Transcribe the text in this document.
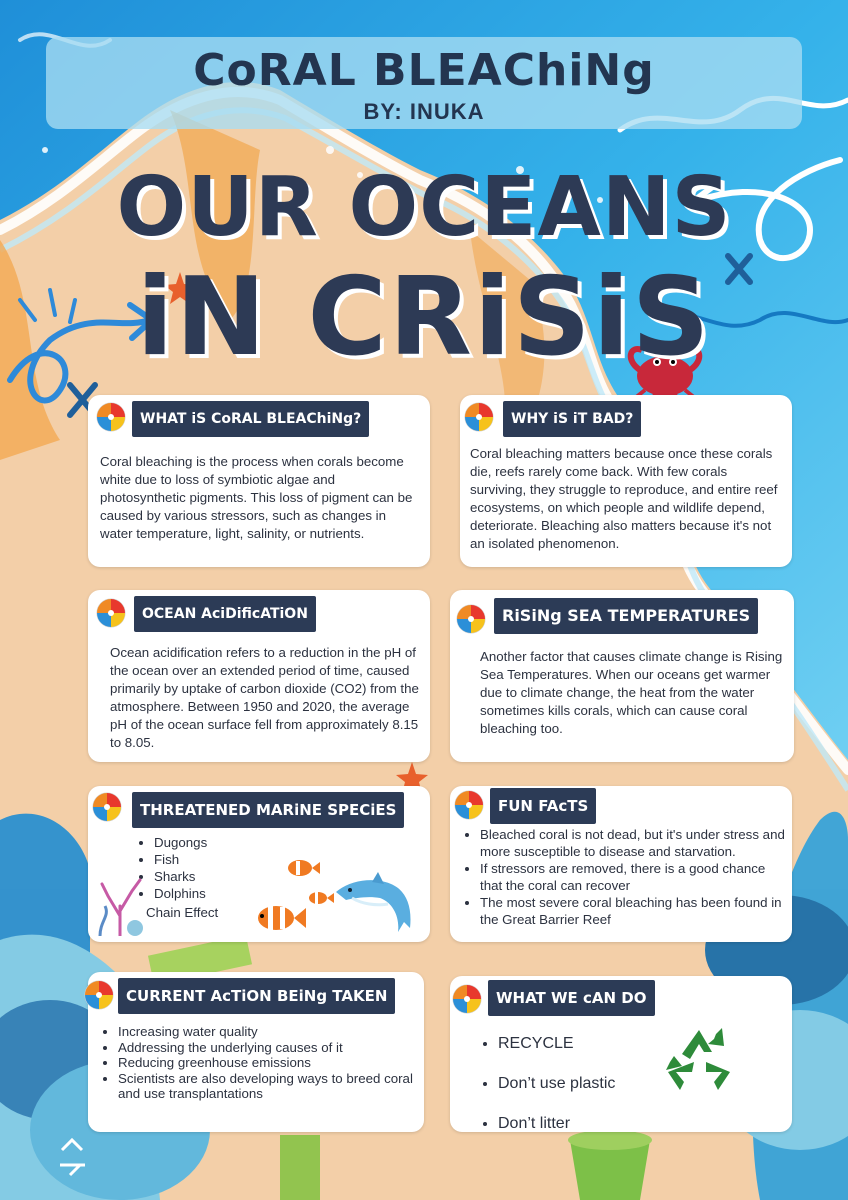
CoRAL BLEAChiNg
BY: INUKA
OUR OCEANS
iN CRiSiS
Coral bleaching is the process when corals become white due to loss of symbiotic algae and photosynthetic pigments. This loss of pigment can be caused by various stressors, such as changes in water temperature, light, salinity, or nutrients.
WHAT iS CoRAL BLEAChiNg?
Coral bleaching matters because once these corals die, reefs rarely come back. With few corals surviving, they struggle to reproduce, and entire reef ecosystems, on which people and wildlife depend, deteriorate. Bleaching also matters because it's not an isolated phenomenon.
WHY iS iT BAD?
Ocean acidification refers to a reduction in the pH of the ocean over an extended period of time, caused primarily by uptake of carbon dioxide (CO2) from the atmosphere. Between 1950 and 2020, the average pH of the ocean surface fell from approximately 8.15 to 8.05.
OCEAN AciDificATiON
Another factor that causes climate change is Rising Sea Temperatures. When our oceans get warmer due to climate change, the heat from the water sometimes kills corals, which can cause coral bleaching too.
RiSiNg SEA TEMPERATURES
• Dugongs
• Fish
• Sharks
• Dolphins
Chain Effect
THREATENED MARiNE SPECiES
• Bleached coral is not dead, but it's under stress and more susceptible to disease and starvation.
• If stressors are removed, there is a good chance that the coral can recover
• The most severe coral bleaching has been found in the Great Barrier Reef
FUN FAcTS
• Increasing water quality
• Addressing the underlying causes of it
• Reducing greenhouse emissions
• Scientists are also developing ways to breed coral and use transplantations
CURRENT AcTiON BEiNg TAKEN
• RECYCLE
• Don’t use plastic
• Don’t litter
WHAT WE cAN DO
